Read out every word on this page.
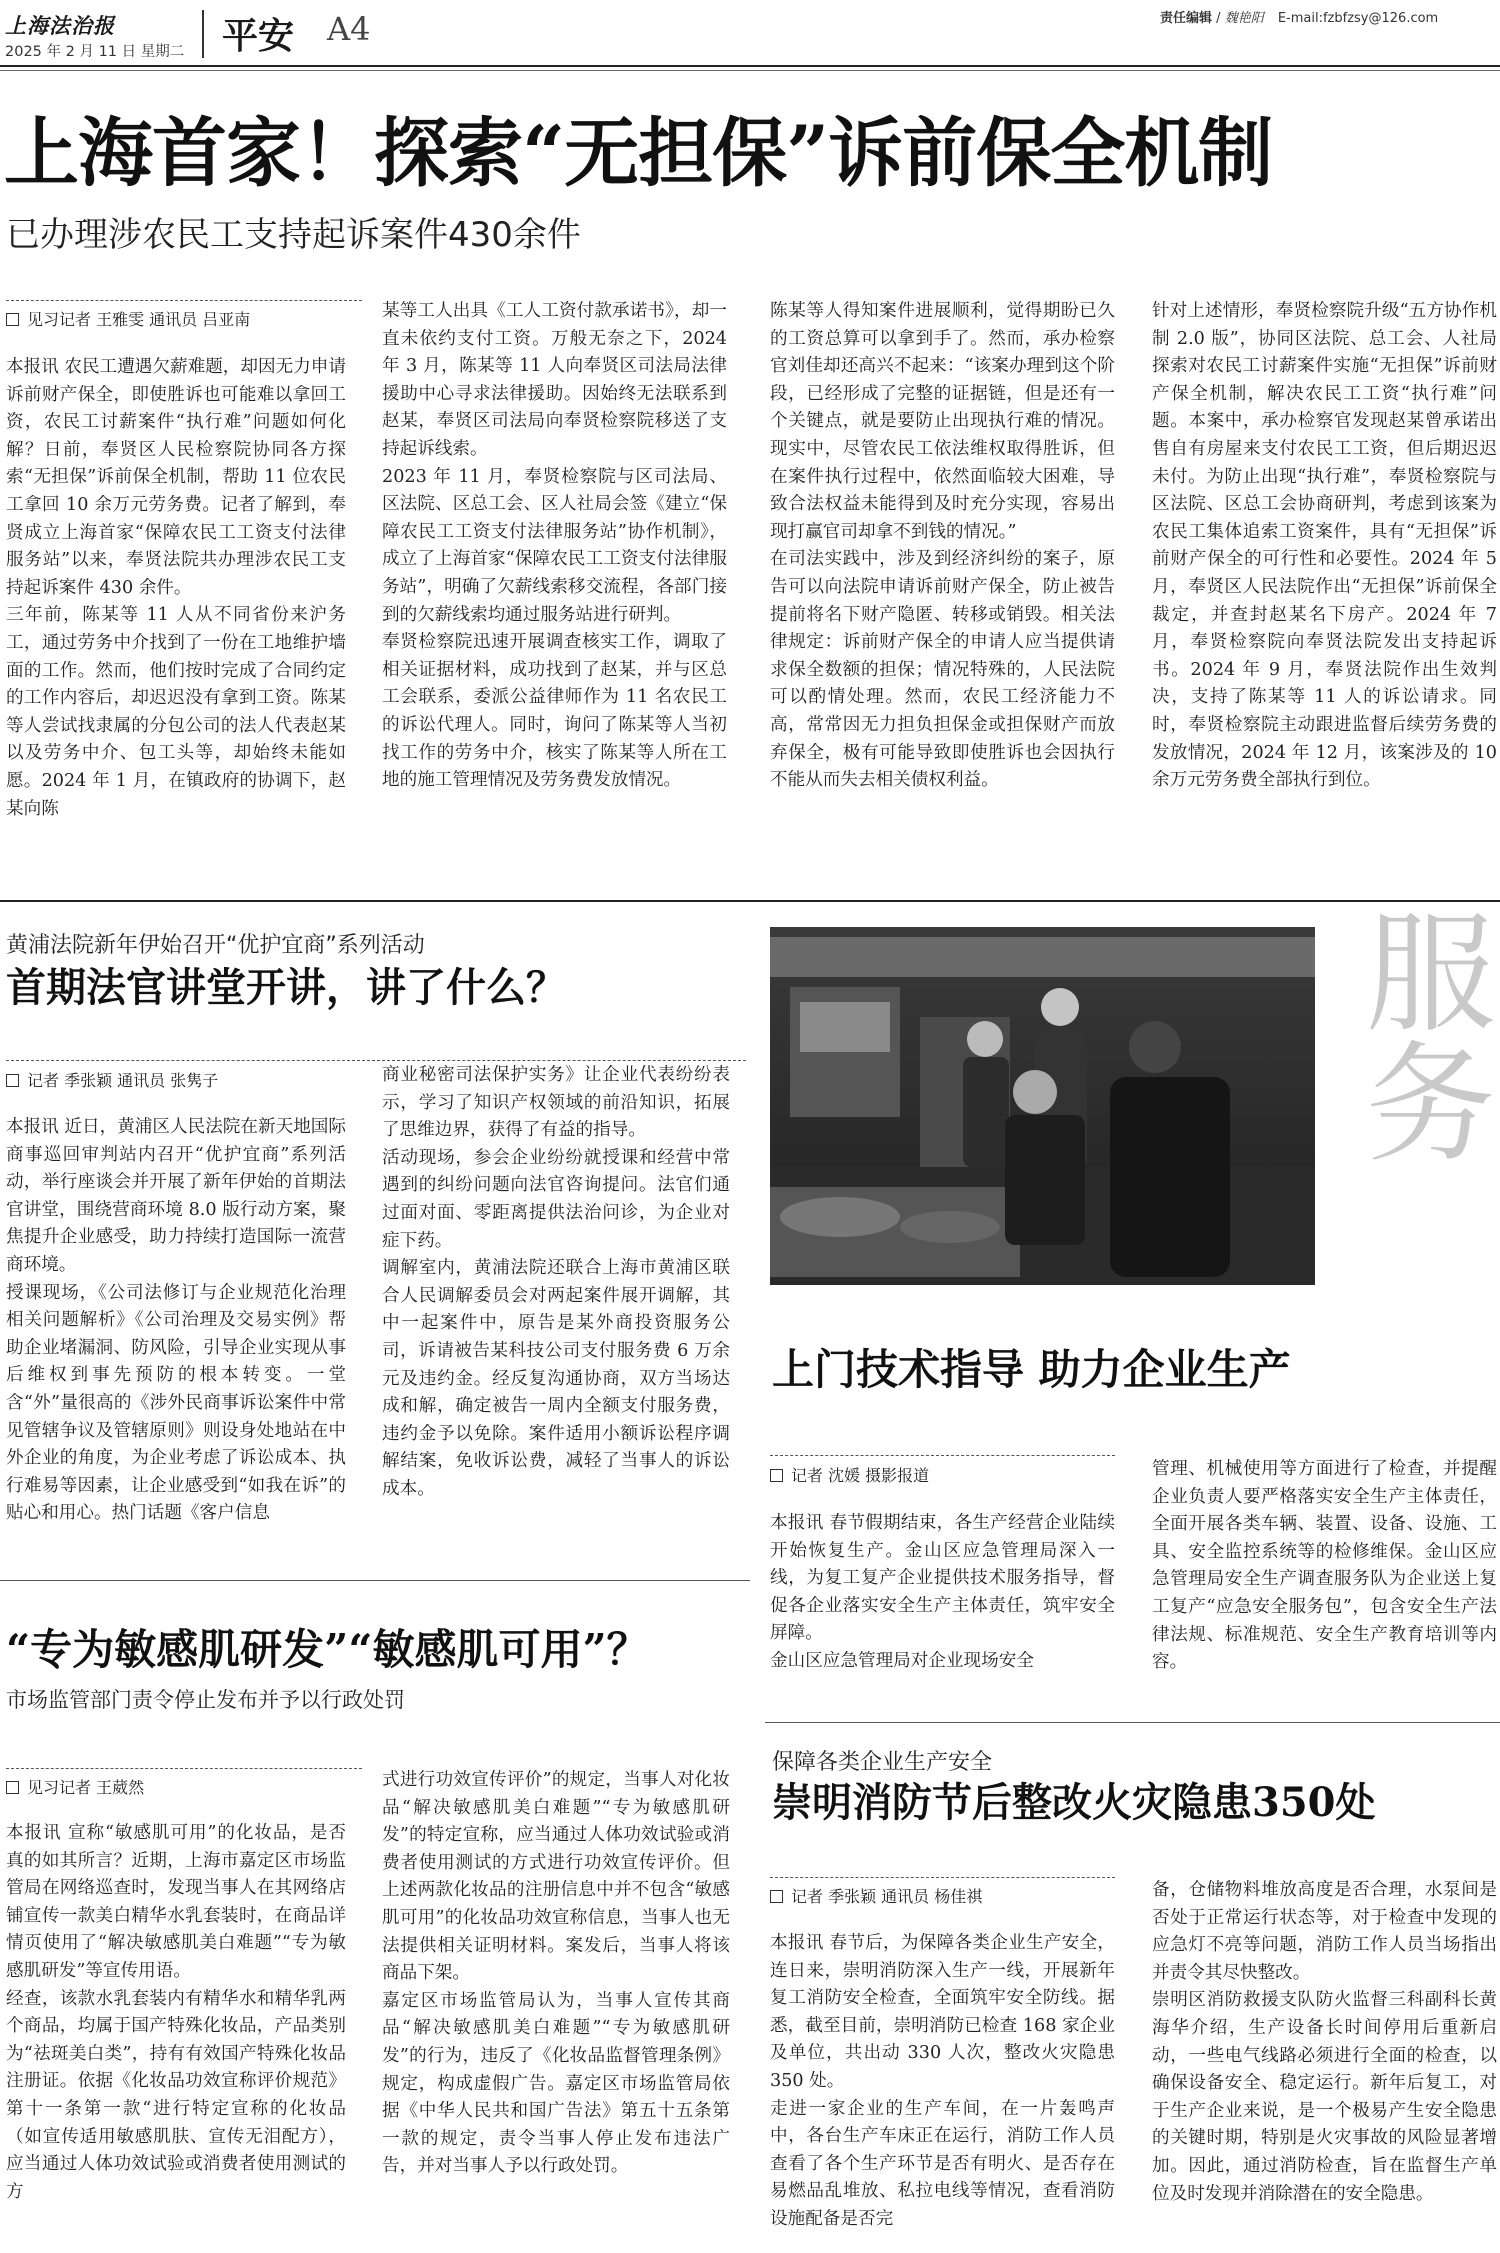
上海法治报
2025 年 2 月 11 日 星期二 平安 A4	责任编辑 / 魏艳阳 E-mail:fzbfzsy@126.com
上海首家！探索“无担保”诉前保全机制
已办理涉农民工支持起诉案件430余件
见习记者 王雅雯 通讯员 吕亚南
本报讯 农民工遭遇欠薪难题，却因无力申请诉前财产保全，即使胜诉也可能难以拿回工资，农民工讨薪案件“执行难”问题如何化解？日前，奉贤区人民检察院协同各方探索“无担保”诉前保全机制，帮助 11 位农民工拿回 10 余万元劳务费。记者了解到，奉贤成立上海首家“保障农民工工资支付法律服务站”以来，奉贤法院共办理涉农民工支持起诉案件 430 余件。
三年前，陈某等 11 人从不同省份来沪务工，通过劳务中介找到了一份在工地维护墙面的工作。然而，他们按时完成了合同约定的工作内容后，却迟迟没有拿到工资。陈某等人尝试找隶属的分包公司的法人代表赵某以及劳务中介、包工头等，却始终未能如愿。2024 年 1 月，在镇政府的协调下，赵某向陈
某等工人出具《工人工资付款承诺书》，却一直未依约支付工资。万般无奈之下，2024 年 3 月，陈某等 11 人向奉贤区司法局法律援助中心寻求法律援助。因始终无法联系到赵某，奉贤区司法局向奉贤检察院移送了支持起诉线索。
2023 年 11 月，奉贤检察院与区司法局、区法院、区总工会、区人社局会签《建立“保障农民工工资支付法律服务站”协作机制》，成立了上海首家“保障农民工工资支付法律服务站”，明确了欠薪线索移交流程，各部门接到的欠薪线索均通过服务站进行研判。
奉贤检察院迅速开展调查核实工作，调取了相关证据材料，成功找到了赵某，并与区总工会联系，委派公益律师作为 11 名农民工的诉讼代理人。同时，询问了陈某等人当初找工作的劳务中介，核实了陈某等人所在工地的施工管理情况及劳务费发放情况。
陈某等人得知案件进展顺利，觉得期盼已久的工资总算可以拿到手了。然而，承办检察官刘佳却还高兴不起来：“该案办理到这个阶段，已经形成了完整的证据链，但是还有一个关键点，就是要防止出现执行难的情况。现实中，尽管农民工依法维权取得胜诉，但在案件执行过程中，依然面临较大困难，导致合法权益未能得到及时充分实现，容易出现打赢官司却拿不到钱的情况。”
在司法实践中，涉及到经济纠纷的案子，原告可以向法院申请诉前财产保全，防止被告提前将名下财产隐匿、转移或销毁。相关法律规定：诉前财产保全的申请人应当提供请求保全数额的担保；情况特殊的，人民法院可以酌情处理。然而，农民工经济能力不高，常常因无力担负担保金或担保财产而放弃保全，极有可能导致即使胜诉也会因执行不能从而失去相关债权利益。
针对上述情形，奉贤检察院升级“五方协作机制 2.0 版”，协同区法院、总工会、人社局探索对农民工讨薪案件实施“无担保”诉前财产保全机制，解决农民工工资“执行难”问题。本案中，承办检察官发现赵某曾承诺出售自有房屋来支付农民工工资，但后期迟迟未付。为防止出现“执行难”，奉贤检察院与区法院、区总工会协商研判，考虑到该案为农民工集体追索工资案件，具有“无担保”诉前财产保全的可行性和必要性。2024 年 5 月，奉贤区人民法院作出“无担保”诉前保全裁定，并查封赵某名下房产。2024 年 7 月，奉贤检察院向奉贤法院发出支持起诉书。2024 年 9 月，奉贤法院作出生效判决，支持了陈某等 11 人的诉讼请求。同时，奉贤检察院主动跟进监督后续劳务费的发放情况，2024 年 12 月，该案涉及的 10 余万元劳务费全部执行到位。
黄浦法院新年伊始召开“优护宜商”系列活动
首期法官讲堂开讲，讲了什么？
记者 季张颖 通讯员 张隽子
本报讯 近日，黄浦区人民法院在新天地国际商事巡回审判站内召开“优护宜商”系列活动，举行座谈会并开展了新年伊始的首期法官讲堂，围绕营商环境 8.0 版行动方案，聚焦提升企业感受，助力持续打造国际一流营商环境。
授课现场，《公司法修订与企业规范化治理相关问题解析》《公司治理及交易实例》帮助企业堵漏洞、防风险，引导企业实现从事后维权到事先预防的根本转变。一堂含“外”量很高的《涉外民商事诉讼案件中常见管辖争议及管辖原则》则设身处地站在中外企业的角度，为企业考虑了诉讼成本、执行难易等因素，让企业感受到“如我在诉”的贴心和用心。热门话题《客户信息
商业秘密司法保护实务》让企业代表纷纷表示，学习了知识产权领域的前沿知识，拓展了思维边界，获得了有益的指导。
活动现场，参会企业纷纷就授课和经营中常遇到的纠纷问题向法官咨询提问。法官们通过面对面、零距离提供法治问诊，为企业对症下药。
调解室内，黄浦法院还联合上海市黄浦区联合人民调解委员会对两起案件展开调解，其中一起案件中，原告是某外商投资服务公司，诉请被告某科技公司支付服务费 6 万余元及违约金。经反复沟通协商，双方当场达成和解，确定被告一周内全额支付服务费，违约金予以免除。案件适用小额诉讼程序调解结案，免收诉讼费，减轻了当事人的诉讼成本。
服务
上门技术指导 助力企业生产
记者 沈媛 摄影报道
本报讯 春节假期结束，各生产经营企业陆续开始恢复生产。金山区应急管理局深入一线，为复工复产企业提供技术服务指导，督促各企业落实安全生产主体责任，筑牢安全屏障。
金山区应急管理局对企业现场安全
管理、机械使用等方面进行了检查，并提醒企业负责人要严格落实安全生产主体责任，全面开展各类车辆、装置、设备、设施、工具、安全监控系统等的检修维保。金山区应急管理局安全生产调查服务队为企业送上复工复产“应急安全服务包”，包含安全生产法律法规、标准规范、安全生产教育培训等内容。
“专为敏感肌研发”“敏感肌可用”？
市场监管部门责令停止发布并予以行政处罚
见习记者 王葳然
本报讯 宣称“敏感肌可用”的化妆品，是否真的如其所言？近期，上海市嘉定区市场监管局在网络巡查时，发现当事人在其网络店铺宣传一款美白精华水乳套装时，在商品详情页使用了“解决敏感肌美白难题”“专为敏感肌研发”等宣传用语。
经查，该款水乳套装内有精华水和精华乳两个商品，均属于国产特殊化妆品，产品类别为“祛斑美白类”，持有有效国产特殊化妆品注册证。依据《化妆品功效宣称评价规范》第十一条第一款“进行特定宣称的化妆品（如宣传适用敏感肌肤、宣传无泪配方），应当通过人体功效试验或消费者使用测试的方
式进行功效宣传评价”的规定，当事人对化妆品“解决敏感肌美白难题”“专为敏感肌研发”的特定宣称，应当通过人体功效试验或消费者使用测试的方式进行功效宣传评价。但上述两款化妆品的注册信息中并不包含“敏感肌可用”的化妆品功效宣称信息，当事人也无法提供相关证明材料。案发后，当事人将该商品下架。
嘉定区市场监管局认为，当事人宣传其商品“解决敏感肌美白难题”“专为敏感肌研发”的行为，违反了《化妆品监督管理条例》规定，构成虚假广告。嘉定区市场监管局依据《中华人民共和国广告法》第五十五条第一款的规定，责令当事人停止发布违法广告，并对当事人予以行政处罚。
保障各类企业生产安全
崇明消防节后整改火灾隐患350处
记者 季张颖 通讯员 杨佳祺
本报讯 春节后，为保障各类企业生产安全，连日来，崇明消防深入生产一线，开展新年复工消防安全检查，全面筑牢安全防线。据悉，截至目前，崇明消防已检查 168 家企业及单位，共出动 330 人次，整改火灾隐患 350 处。
走进一家企业的生产车间，在一片轰鸣声中，各台生产车床正在运行，消防工作人员查看了各个生产环节是否有明火、是否存在易燃品乱堆放、私拉电线等情况，查看消防设施配备是否完
备，仓储物料堆放高度是否合理，水泵间是否处于正常运行状态等，对于检查中发现的应急灯不亮等问题，消防工作人员当场指出并责令其尽快整改。
崇明区消防救援支队防火监督三科副科长黄海华介绍，生产设备长时间停用后重新启动，一些电气线路必须进行全面的检查，以确保设备安全、稳定运行。新年后复工，对于生产企业来说，是一个极易产生安全隐患的关键时期，特别是火灾事故的风险显著增加。因此，通过消防检查，旨在监督生产单位及时发现并消除潜在的安全隐患。
